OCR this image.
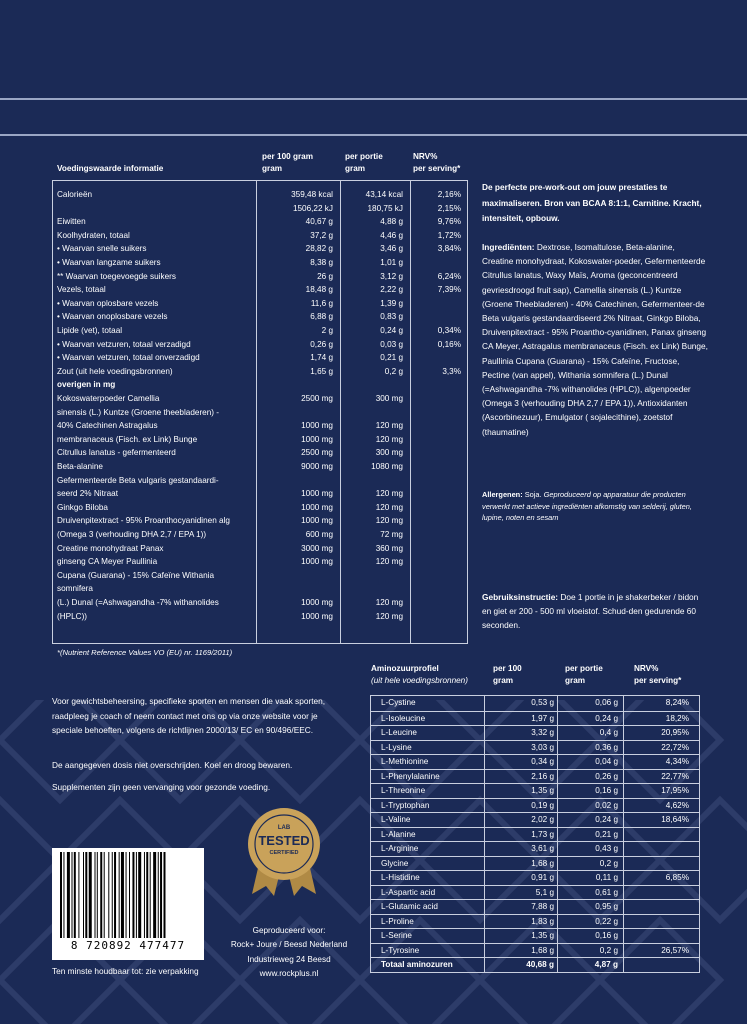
Voedingswaarde informatie
per 100 gram
gram
per portie
gram
NRV%
per serving*
Calorieën	359,48 kcal	43,14 kcal	2,16%
1506,22 kJ	180,75 kJ	2,15%
Eiwitten	40,67 g	4,88 g	9,76%
Koolhydraten, totaal	37,2 g	4,46 g	1,72%
• Waarvan snelle suikers	28,82 g	3,46 g	3,84%
• Waarvan langzame suikers	8,38 g	1,01 g
** Waarvan toegevoegde suikers	26 g	3,12 g	6,24%
Vezels, totaal	18,48 g	2,22 g	7,39%
• Waarvan oplosbare vezels	11,6 g	1,39 g
• Waarvan onoplosbare vezels	6,88 g	0,83 g
Lipide (vet), totaal	2 g	0,24 g	0,34%
• Waarvan vetzuren, totaal verzadigd	0,26 g	0,03 g	0,16%
• Waarvan vetzuren, totaal onverzadigd	1,74 g	0,21 g
Zout (uit hele voedingsbronnen)	1,65 g	0,2 g	3,3%
overigen in mg
Kokoswaterpoeder Camellia	2500 mg	300 mg
sinensis (L.) Kuntze (Groene theebladeren) -
40% Catechinen Astragalus	1000 mg	120 mg
membranaceus (Fisch. ex Link) Bunge	1000 mg	120 mg
Citrullus lanatus - gefermenteerd	2500 mg	300 mg
Beta-alanine	9000 mg	1080 mg
Gefermenteerde Beta vulgaris gestandaardi-
seerd 2% Nitraat	1000 mg	120 mg
Ginkgo Biloba	1000 mg	120 mg
Druivenpitextract - 95% Proanthocyanidinen alg	1000 mg	120 mg
(Omega 3 (verhouding DHA 2,7 / EPA 1))	600 mg	72 mg
Creatine monohydraat Panax	3000 mg	360 mg
ginseng CA Meyer Paullinia	1000 mg	120 mg
Cupana (Guarana) - 15% Cafeïne Withania
somnifera
(L.) Dunal (=Ashwagandha -7% withanolides	1000 mg	120 mg
(HPLC))	1000 mg	120 mg
*(Nutrient Reference Values VO (EU) nr. 1169/2011)
De perfecte pre-work-out om jouw prestaties te maximaliseren. Bron van BCAA 8:1:1, Carnitine. Kracht, intensiteit, opbouw.
Ingrediënten: Dextrose, Isomaltulose, Beta-alanine, Creatine monohydraat, Kokoswater-poeder, Gefermenteerde Citrullus lanatus, Waxy Maïs, Aroma (geconcentreerd gevriesdroogd fruit sap), Camellia sinensis (L.) Kuntze (Groene Theebladeren) - 40% Catechinen, Gefermenteer-de Beta vulgaris gestandaardiseerd 2% Nitraat, Ginkgo Biloba, Druivenpitextract - 95% Proantho-cyanidinen, Panax ginseng CA Meyer, Astragalus membranaceus (Fisch. ex Link) Bunge, Paullinia Cupana (Guarana) - 15% Cafeïne, Fructose, Pectine (van appel), Withania somnifera (L.) Dunal (=Ashwagandha -7% withanolides (HPLC)), algenpoeder (Omega 3 (verhouding DHA 2,7 / EPA 1)), Antioxidanten (Ascorbinezuur), Emulgator ( sojalecithine), zoetstof (thaumatine)
Allergenen: Soja. Geproduceerd op apparatuur die producten verwerkt met actieve ingrediënten afkomstig van selderij, gluten, lupine, noten en sesam
Gebruiksinstructie: Doe 1 portie in je shakerbeker / bidon en giet er 200 - 500 ml vloeistof. Schud-den gedurende 60 seconden.
Voor gewichtsbeheersing, specifieke sporten en mensen die vaak sporten, raadpleeg je coach of neem contact met ons op via onze website voor je speciale behoeften, volgens de richtlijnen 2000/13/ EC en 90/496/EEC.
De aangegeven dosis niet overschrijden. Koel en droog bewaren.
Supplementen zijn geen vervanging voor gezonde voeding.
LAB
TESTED
CERTIFIED
8 720892 477477
Ten minste houdbaar tot: zie verpakking
Geproduceerd voor:
Rock+ Joure / Beesd Nederland
Industrieweg 24 Beesd
www.rockplus.nl
Aminozuurprofiel
(uit hele voedingsbronnen)
per 100
gram
per portie
gram
NRV%
per serving*
L-Cystine	0,53 g	0,06 g	8,24%
L-Isoleucine	1,97 g	0,24 g	18,2%
L-Leucine	3,32 g	0,4 g	20,95%
L-Lysine	3,03 g	0,36 g	22,72%
L-Methionine	0,34 g	0,04 g	4,34%
L-Phenylalanine	2,16 g	0,26 g	22,77%
L-Threonine	1,35 g	0,16 g	17,95%
L-Tryptophan	0,19 g	0,02 g	4,62%
L-Valine	2,02 g	0,24 g	18,64%
L-Alanine	1,73 g	0,21 g
L-Arginine	3,61 g	0,43 g
Glycine	1,68 g	0,2 g
L-Histidine	0,91 g	0,11 g	6,85%
L-Aspartic acid	5,1 g	0,61 g
L-Glutamic acid	7,88 g	0,95 g
L-Proline	1,83 g	0,22 g
L-Serine	1,35 g	0,16 g
L-Tyrosine	1,68 g	0,2 g	26,57%
Totaal aminozuren	40,68 g	4,87 g
